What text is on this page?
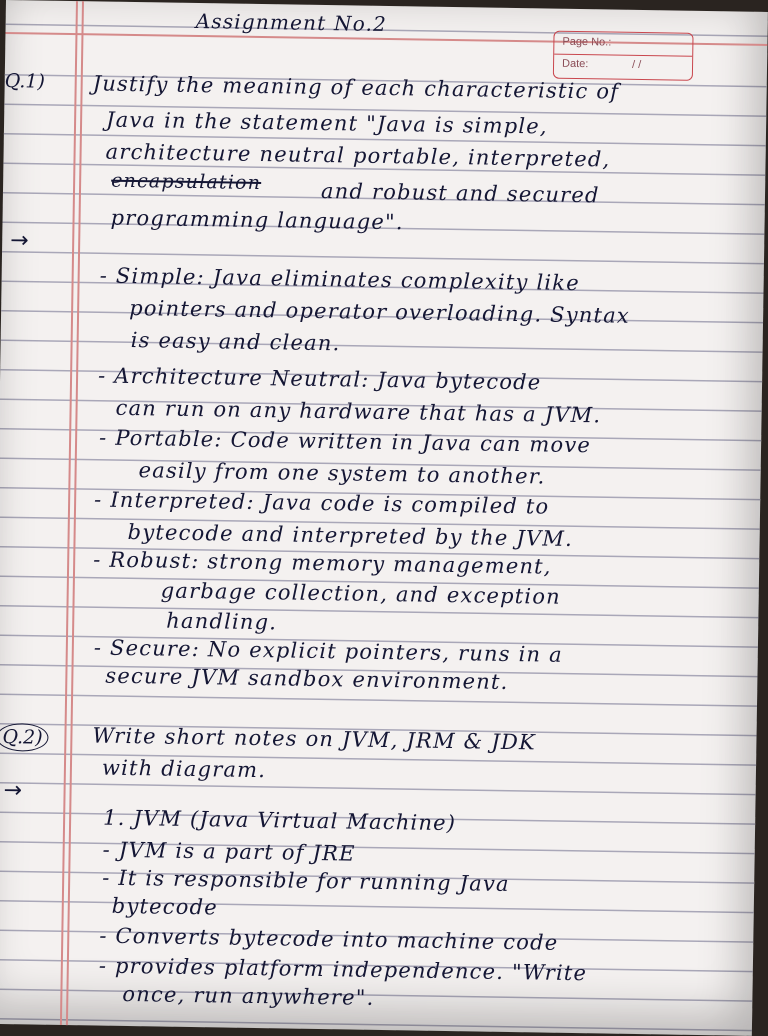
Page No.:
Date:	/ /
Assignment No.2
Q.1) Justify the meaning of each characteristic of
Java in the statement "Java is simple,
architecture neutral portable, interpreted,
encapsulation	and robust and secured
programming language".
→
- Simple: Java eliminates complexity like
pointers and operator overloading. Syntax
is easy and clean.
- Architecture Neutral: Java bytecode
can run on any hardware that has a JVM.
- Portable: Code written in Java can move
easily from one system to another.
- Interpreted: Java code is compiled to
bytecode and interpreted by the JVM.
- Robust: strong memory management,
garbage collection, and exception
handling.
- Secure: No explicit pointers, runs in a
secure JVM sandbox environment.
Q.2) Write short notes on JVM, JRM & JDK
with diagram.
→
1. JVM (Java Virtual Machine)
- JVM is a part of JRE
- It is responsible for running Java
bytecode
- Converts bytecode into machine code
- provides platform independence. "Write
once, run anywhere".
